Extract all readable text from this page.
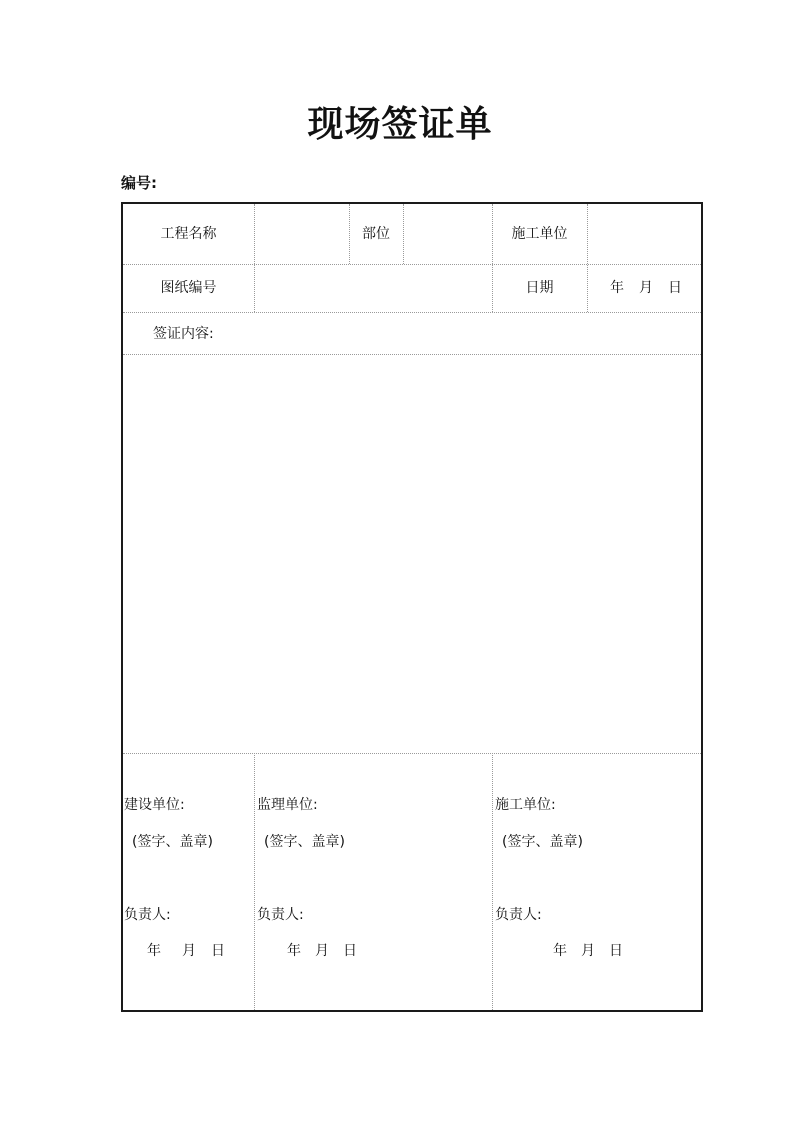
现场签证单
编号:
工程名称	部位	施工单位
图纸编号	日期	年 月 日
签证内容:
建设单位:
(签字、盖章)
负责人:
年 月 日
监理单位:
(签字、盖章)
负责人:
年 月 日
施工单位:
(签字、盖章)
负责人:
年 月 日
